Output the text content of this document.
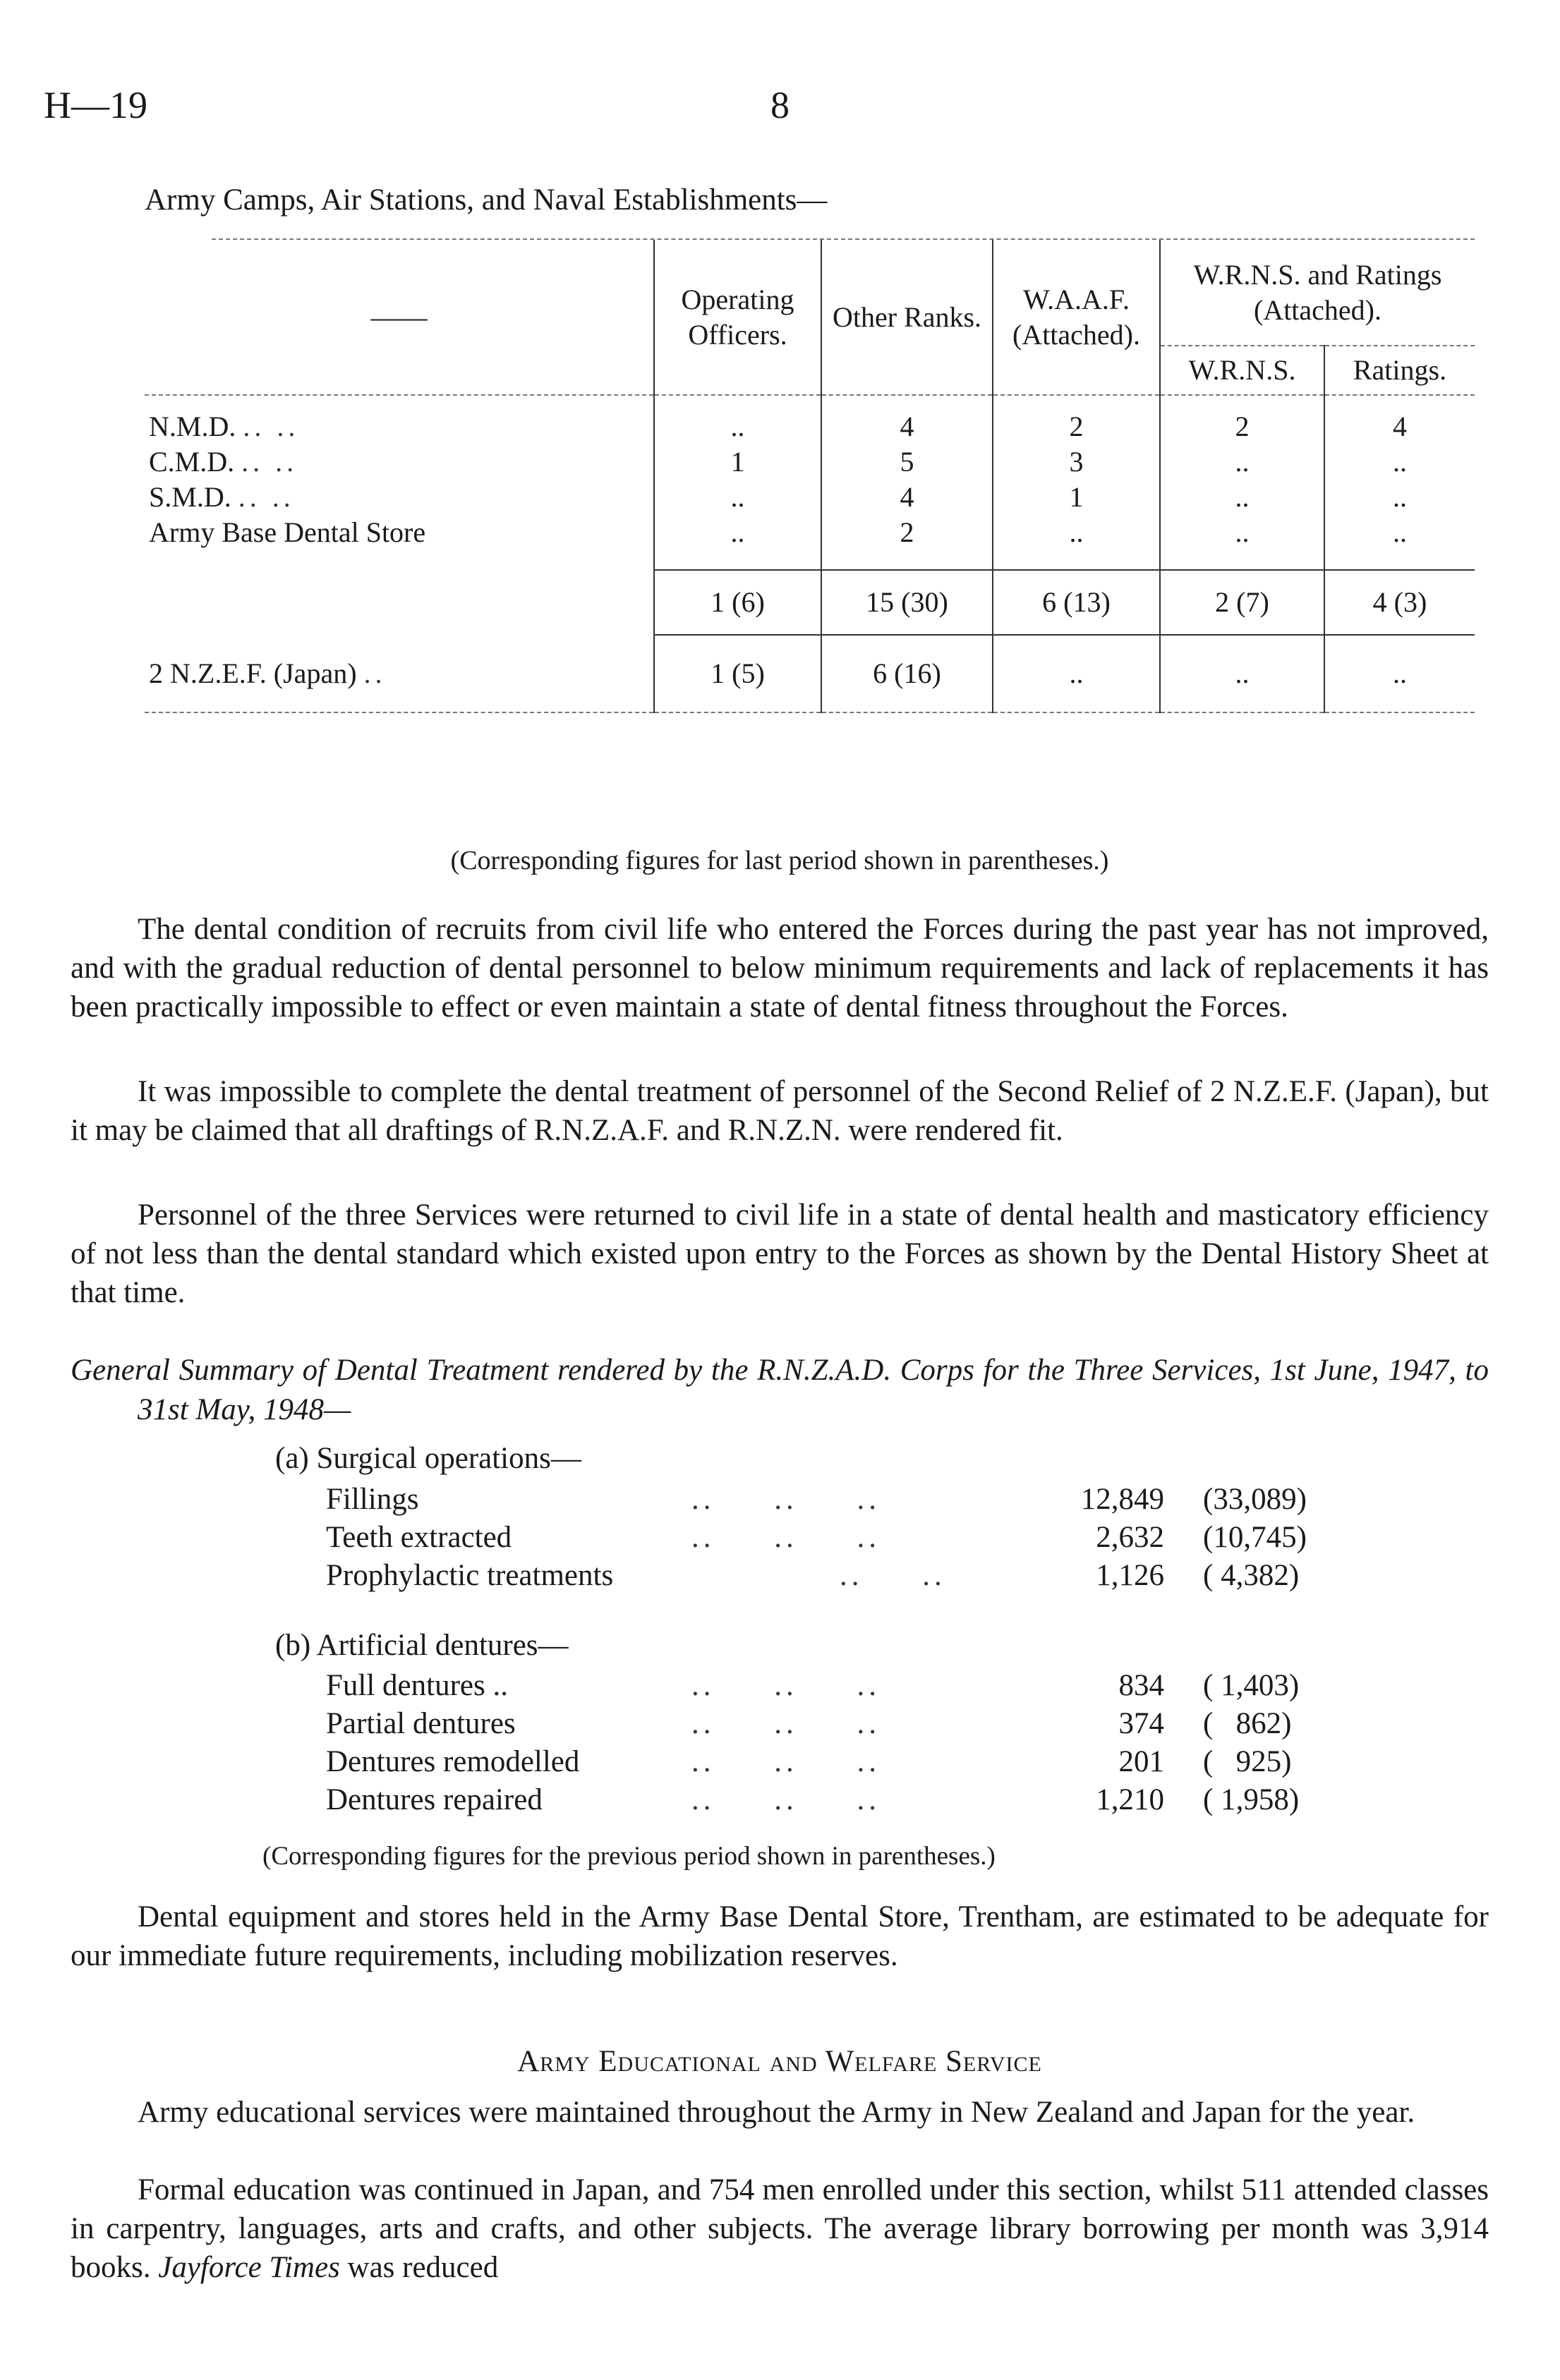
H—19	8
Army Camps, Air Stations, and Naval Establishments—
——	Operating Officers.	Other Ranks.	W.A.A.F. (Attached).	W.R.N.S. and Ratings (Attached).	
				W.R.N.S.	Ratings.

N.M.D. .. ..	..	4	2	2	4
C.M.D. .. ..	1	5	3	..	..
S.M.D. .. ..	..	4	1	..	..
Army Base Dental Store	..	2	..	..	..

	1 (6)	15 (30)	6 (13)	2 (7)	4 (3)
2 N.Z.E.F. (Japan) ..	1 (5)	6 (16)	..	..	..

(Corresponding figures for last period shown in parentheses.)
The dental condition of recruits from civil life who entered the Forces during the past year has not improved, and with the gradual reduction of dental personnel to below minimum requirements and lack of replacements it has been practically impossible to effect or even maintain a state of dental fitness throughout the Forces.
It was impossible to complete the dental treatment of personnel of the Second Relief of 2 N.Z.E.F. (Japan), but it may be claimed that all draftings of R.N.Z.A.F. and R.N.Z.N. were rendered fit.
Personnel of the three Services were returned to civil life in a state of dental health and masticatory efficiency of not less than the dental standard which existed upon entry to the Forces as shown by the Dental History Sheet at that time.
General Summary of Dental Treatment rendered by the R.N.Z.A.D. Corps for the Three Services, 1st June, 1947, to 31st May, 1948—
(a) Surgical operations—
Fillings	..     ..     ..	12,849 (33,089)
Teeth extracted	..     ..     ..	2,632 (10,745)
Prophylactic treatments	..     ..	1,126 ( 4,382)
(b) Artificial dentures—
Full dentures ..	..     ..     ..	834 ( 1,403)
Partial dentures	..     ..     ..	374 (   862)
Dentures remodelled	..     ..     ..	201 (   925)
Dentures repaired	..     ..     ..	1,210 ( 1,958)
(Corresponding figures for the previous period shown in parentheses.)
Dental equipment and stores held in the Army Base Dental Store, Trentham, are estimated to be adequate for our immediate future requirements, including mobilization reserves.
Army Educational and Welfare Service
Army educational services were maintained throughout the Army in New Zealand and Japan for the year.
Formal education was continued in Japan, and 754 men enrolled under this section, whilst 511 attended classes in carpentry, languages, arts and crafts, and other subjects. The average library borrowing per month was 3,914 books. Jayforce Times was reduced
